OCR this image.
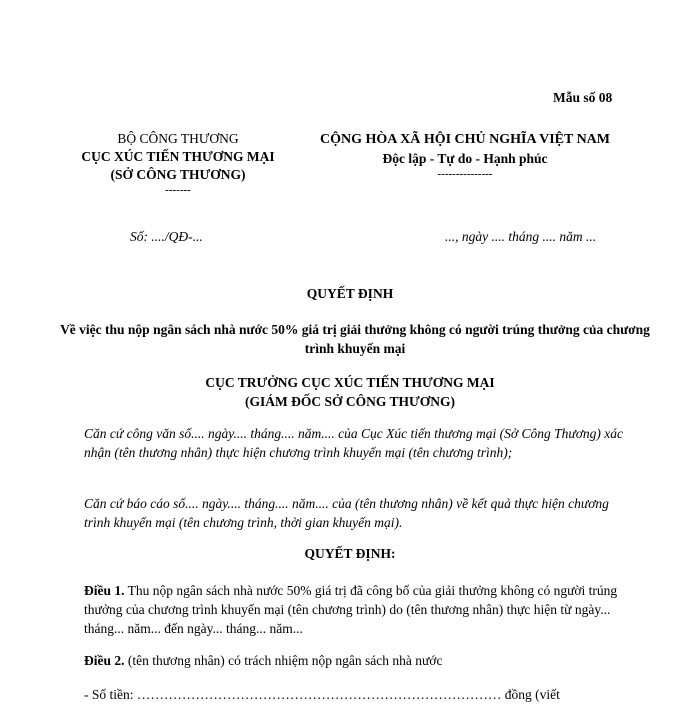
Mẫu số 08
BỘ CÔNG THƯƠNG
CỤC XÚC TIẾN THƯƠNG MẠI
(SỞ CÔNG THƯƠNG)
-------
CỘNG HÒA XÃ HỘI CHỦ NGHĨA VIỆT NAM
Độc lập - Tự do - Hạnh phúc
---------------
Số: ..../QĐ-...	..., ngày .... tháng .... năm ...
QUYẾT ĐỊNH
Về việc thu nộp ngân sách nhà nước 50% giá trị giải thưởng không có người trúng thưởng của chương trình khuyến mại
CỤC TRƯỞNG CỤC XÚC TIẾN THƯƠNG MẠI
(GIÁM ĐỐC SỞ CÔNG THƯƠNG)
Căn cứ công văn số.... ngày.... tháng.... năm.... của Cục Xúc tiến thương mại (Sở Công Thương) xác nhận (tên thương nhân) thực hiện chương trình khuyến mại (tên chương trình);
Căn cứ báo cáo số.... ngày.... tháng.... năm.... của (tên thương nhân) về kết quả thực hiện chương trình khuyến mại (tên chương trình, thời gian khuyến mại).
QUYẾT ĐỊNH:
Điều 1. Thu nộp ngân sách nhà nước 50% giá trị đã công bố của giải thưởng không có người trúng thưởng của chương trình khuyến mại (tên chương trình) do (tên thương nhân) thực hiện từ ngày... tháng... năm... đến ngày... tháng... năm...
Điều 2. (tên thương nhân) có trách nhiệm nộp ngân sách nhà nước
- Số tiền: ……………………………………………………………………… đồng (viết
